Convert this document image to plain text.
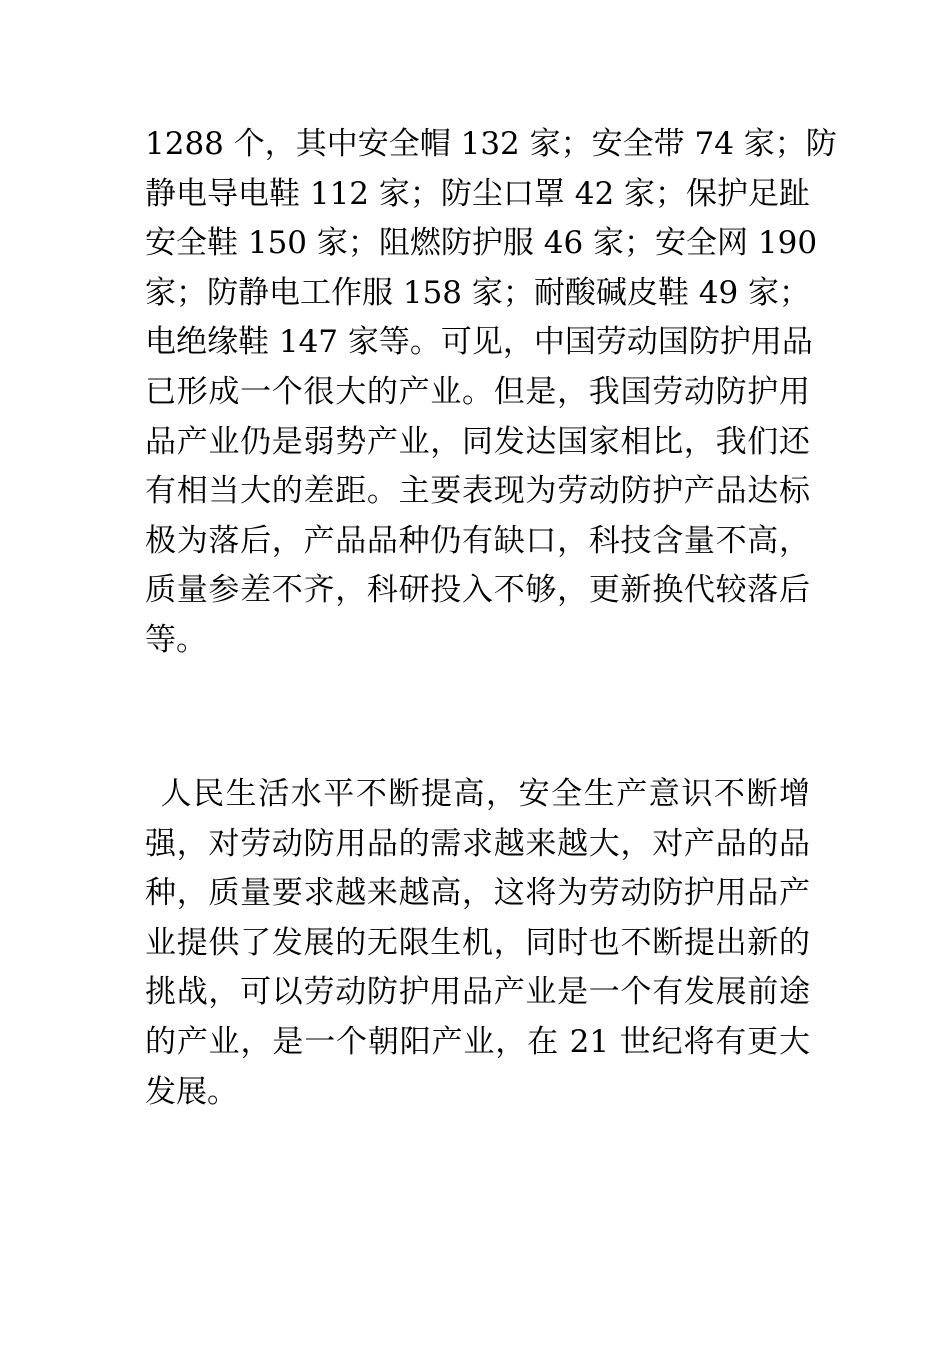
1288 个，其中安全帽 132 家；安全带 74 家；防
静电导电鞋 112 家；防尘口罩 42 家；保护足趾
安全鞋 150 家；阻燃防护服 46 家；安全网 190
家；防静电工作服 158 家；耐酸碱皮鞋 49 家；
电绝缘鞋 147 家等。可见，中国劳动国防护用品
已形成一个很大的产业。但是，我国劳动防护用
品产业仍是弱势产业，同发达国家相比，我们还
有相当大的差距。主要表现为劳动防护产品达标
极为落后，产品品种仍有缺口，科技含量不高，
质量参差不齐，科研投入不够，更新换代较落后
等。
人民生活水平不断提高，安全生产意识不断增
强，对劳动防用品的需求越来越大，对产品的品
种，质量要求越来越高，这将为劳动防护用品产
业提供了发展的无限生机，同时也不断提出新的
挑战，可以劳动防护用品产业是一个有发展前途
的产业，是一个朝阳产业，在 21 世纪将有更大
发展。
